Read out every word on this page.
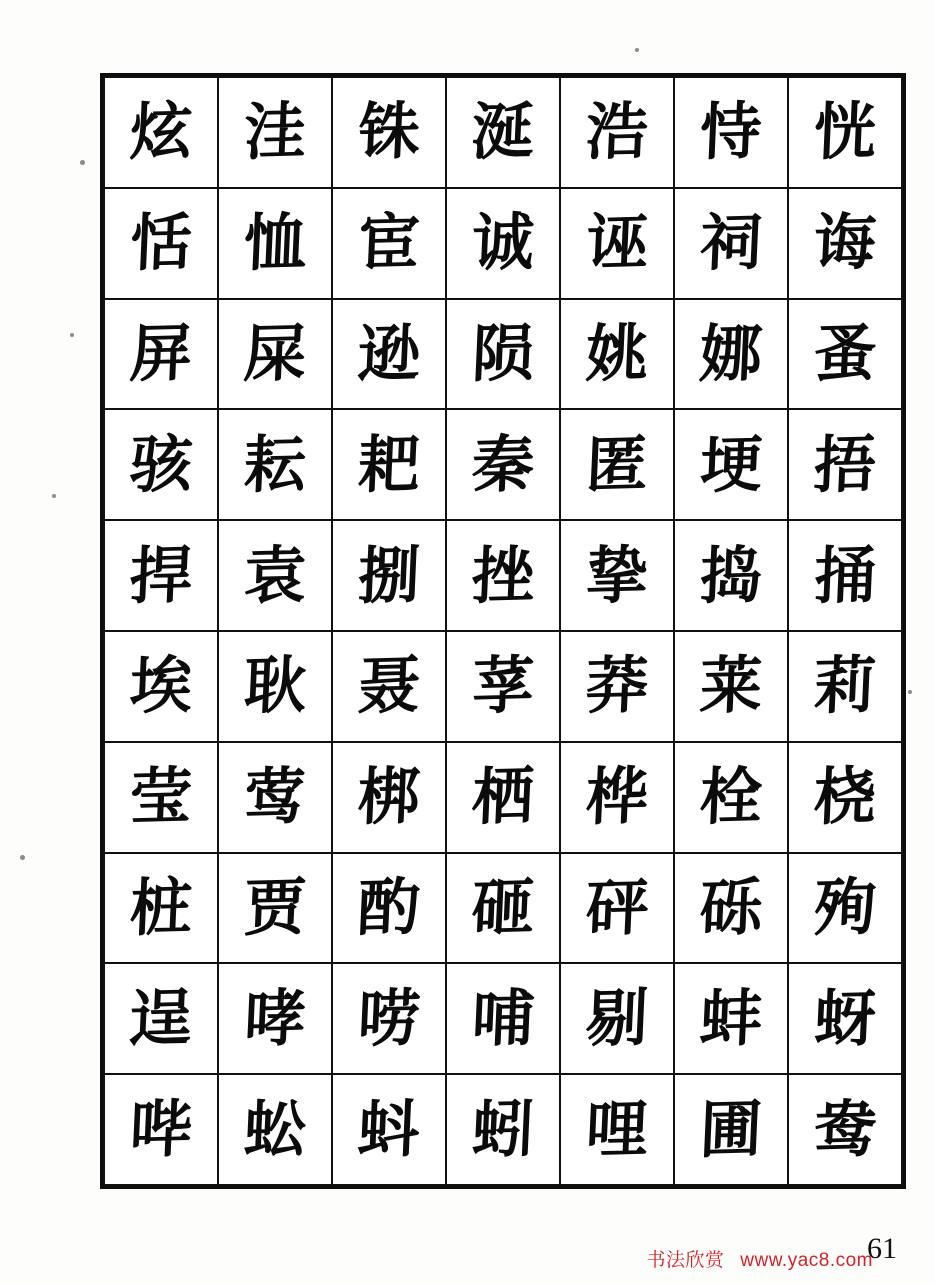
炫	洼	铢	涎	浩	恃	恍

恬	恤	宦	诚	诬	祠	诲

屏	屎	逊	陨	姚	娜	蚤

骇	耘	耙	秦	匿	埂	捂

捍	袁	捌	挫	挚	捣	捅

埃	耿	聂	莩	莽	莱	莉

莹	莺	梆	栖	桦	栓	桡

桩	贾	酌	砸	砰	砾	殉

逞	哮	唠	哺	剔	蚌	蚜

哔	蚣	蚪	蚓	哩	圃	鸯
书法欣赏 www.yac8.com
61
